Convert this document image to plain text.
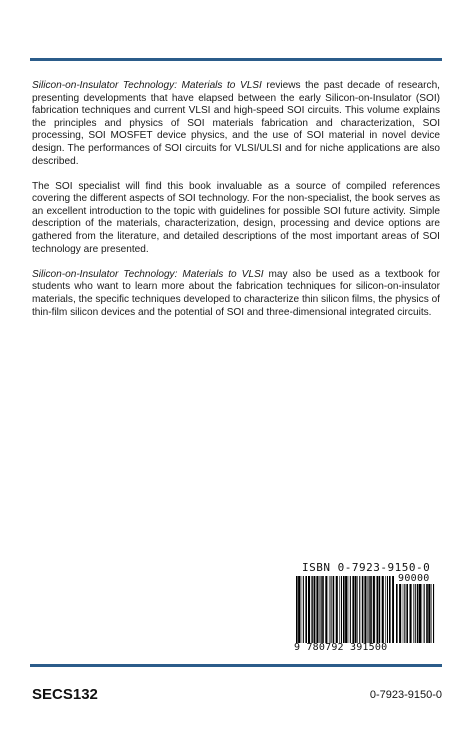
Silicon-on-Insulator Technology: Materials to VLSI reviews the past decade of research, presenting developments that have elapsed between the early Silicon-on-Insulator (SOI) fabrication techniques and current VLSI and high-speed SOI circuits. This volume explains the principles and physics of SOI materials fabrication and characterization, SOI processing, SOI MOSFET device physics, and the use of SOI material in novel device design. The performances of SOI circuits for VLSI/ULSI and for niche applications are also described.

The SOI specialist will find this book invaluable as a source of compiled references covering the different aspects of SOI technology. For the non-specialist, the book serves as an excellent introduction to the topic with guidelines for possible SOI future activity. Simple description of the materials, characterization, design, processing and device options are gathered from the literature, and detailed descriptions of the most important areas of SOI technology are presented.

Silicon-on-Insulator Technology: Materials to VLSI may also be used as a textbook for students who want to learn more about the fabrication techniques for silicon-on-insulator materials, the specific techniques developed to characterize thin silicon films, the physics of thin-film silicon devices and the potential of SOI and three-dimensional integrated circuits.

ISBN 0-7923-9150-0
90000
9 780792 391500
SECS132	0-7923-9150-0
